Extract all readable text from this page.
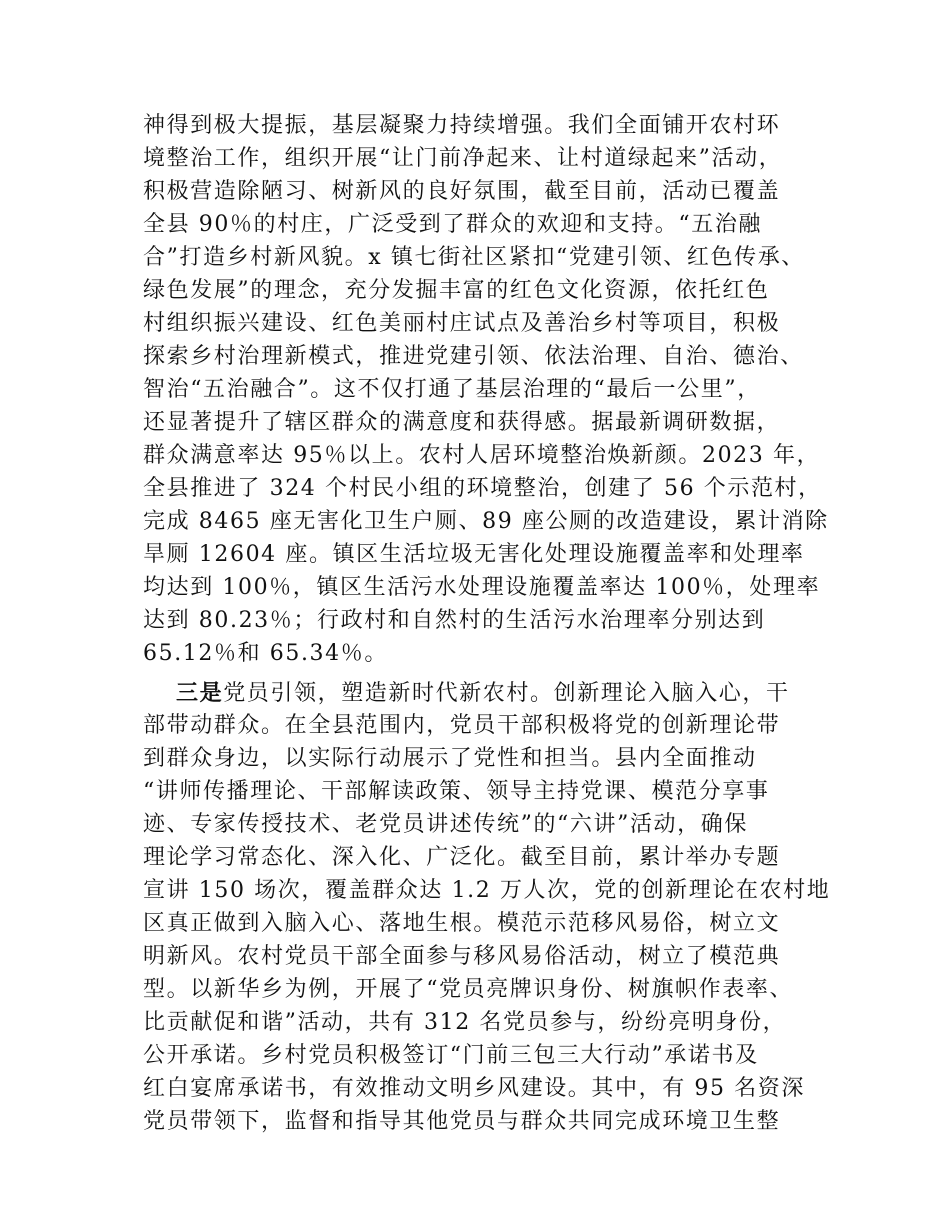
神得到极大提振，基层凝聚力持续增强。我们全面铺开农村环
境整治工作，组织开展“让门前净起来、让村道绿起来”活动，
积极营造除陋习、树新风的良好氛围，截至目前，活动已覆盖
全县 90％的村庄，广泛受到了群众的欢迎和支持。“五治融
合”打造乡村新风貌。x 镇七街社区紧扣“党建引领、红色传承、
绿色发展”的理念，充分发掘丰富的红色文化资源，依托红色
村组织振兴建设、红色美丽村庄试点及善治乡村等项目，积极
探索乡村治理新模式，推进党建引领、依法治理、自治、德治、
智治“五治融合”。这不仅打通了基层治理的“最后一公里”，
还显著提升了辖区群众的满意度和获得感。据最新调研数据，
群众满意率达 95％以上。农村人居环境整治焕新颜。2023 年，
全县推进了 324 个村民小组的环境整治，创建了 56 个示范村，
完成 8465 座无害化卫生户厕、89 座公厕的改造建设，累计消除
旱厕 12604 座。镇区生活垃圾无害化处理设施覆盖率和处理率
均达到 100％，镇区生活污水处理设施覆盖率达 100％，处理率
达到 80.23％；行政村和自然村的生活污水治理率分别达到
65.12％和 65.34％。
三是党员引领，塑造新时代新农村。创新理论入脑入心，干
部带动群众。在全县范围内，党员干部积极将党的创新理论带
到群众身边，以实际行动展示了党性和担当。县内全面推动
“讲师传播理论、干部解读政策、领导主持党课、模范分享事
迹、专家传授技术、老党员讲述传统”的“六讲”活动，确保
理论学习常态化、深入化、广泛化。截至目前，累计举办专题
宣讲 150 场次，覆盖群众达 1.2 万人次，党的创新理论在农村地
区真正做到入脑入心、落地生根。模范示范移风易俗，树立文
明新风。农村党员干部全面参与移风易俗活动，树立了模范典
型。以新华乡为例，开展了“党员亮牌识身份、树旗帜作表率、
比贡献促和谐”活动，共有 312 名党员参与，纷纷亮明身份，
公开承诺。乡村党员积极签订“门前三包三大行动”承诺书及
红白宴席承诺书，有效推动文明乡风建设。其中，有 95 名资深
党员带领下，监督和指导其他党员与群众共同完成环境卫生整
